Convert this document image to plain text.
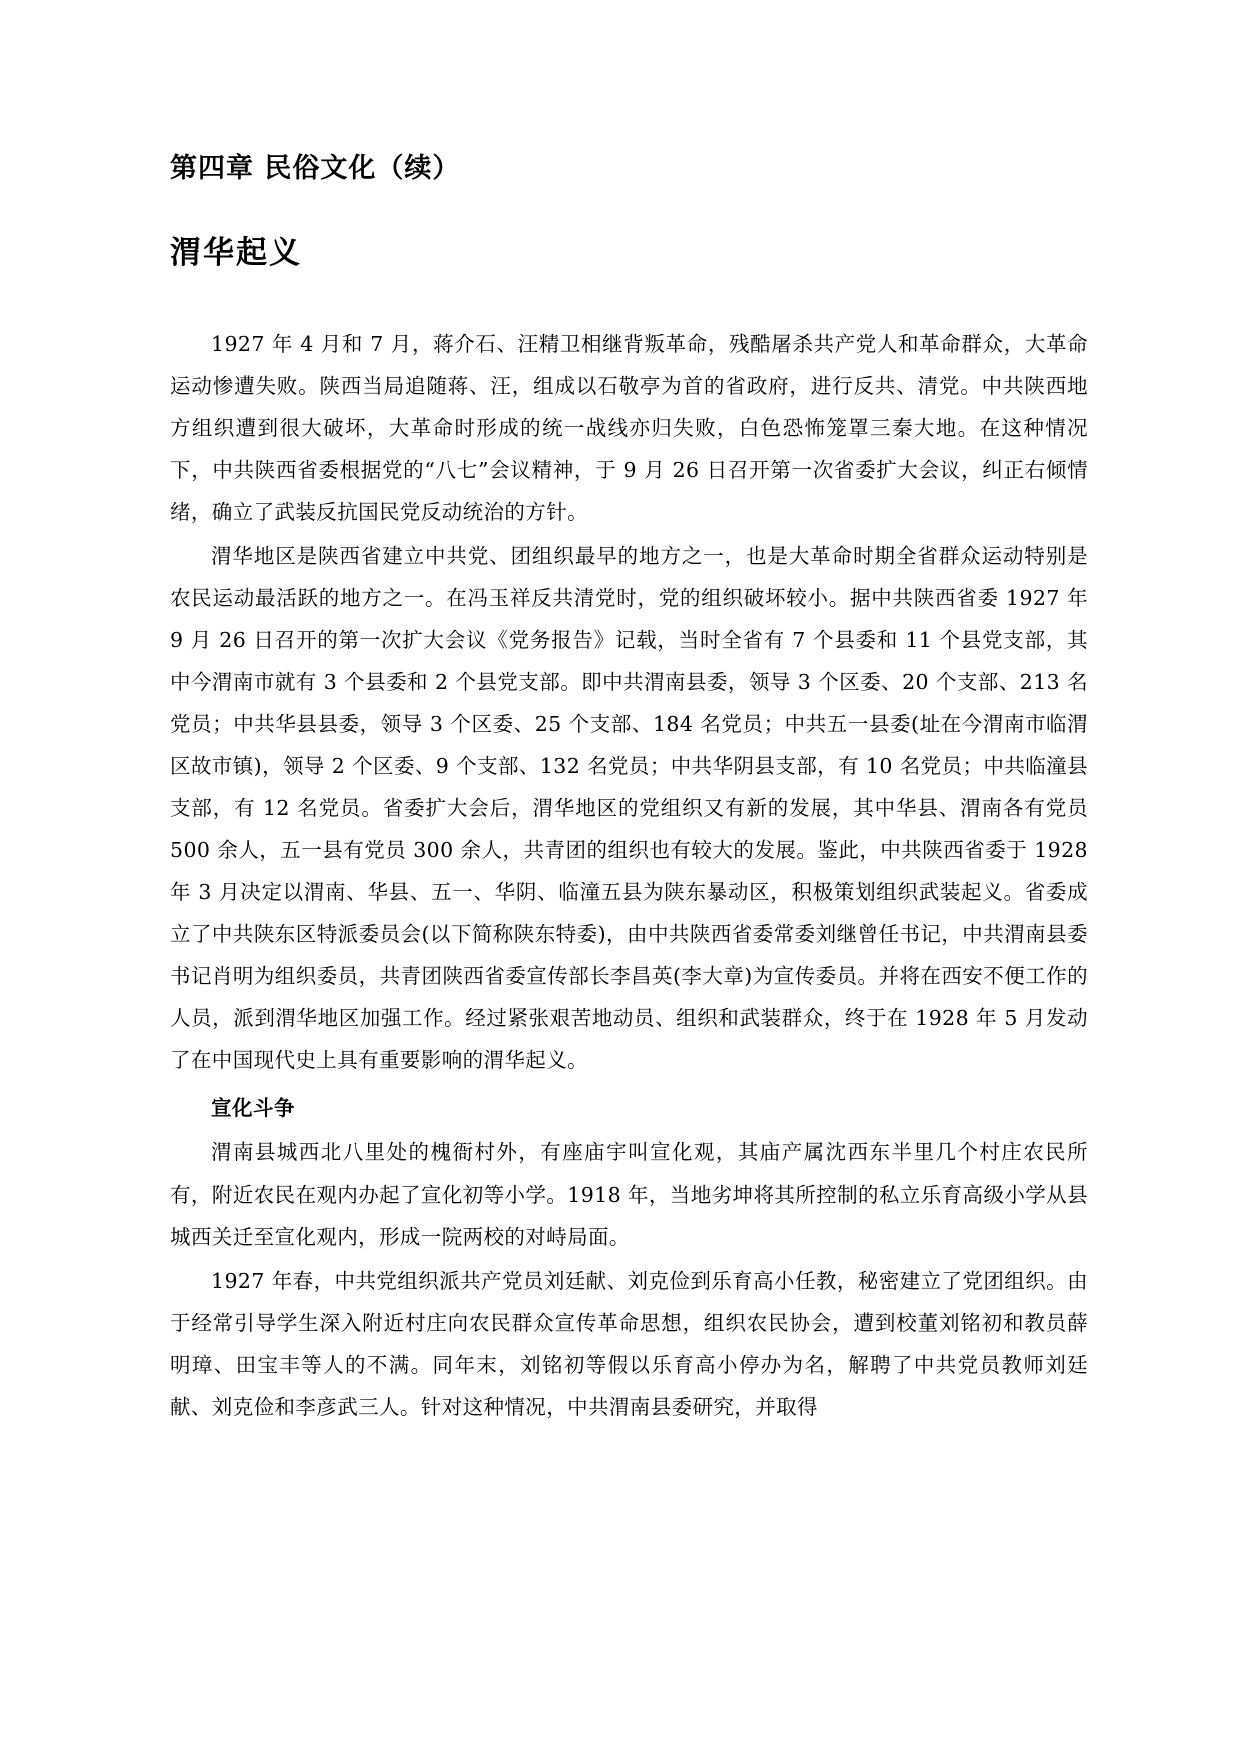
第四章 民俗文化（续）
渭华起义

1927 年 4 月和 7 月，蒋介石、汪精卫相继背叛革命，残酷屠杀共产党人和革命群众，大革命运动惨遭失败。陕西当局追随蒋、汪，组成以石敬亭为首的省政府，进行反共、清党。中共陕西地方组织遭到很大破坏，大革命时形成的统一战线亦归失败，白色恐怖笼罩三秦大地。在这种情况下，中共陕西省委根据党的“八七”会议精神，于 9 月 26 日召开第一次省委扩大会议，纠正右倾情绪，确立了武装反抗国民党反动统治的方针。

渭华地区是陕西省建立中共党、团组织最早的地方之一，也是大革命时期全省群众运动特别是农民运动最活跃的地方之一。在冯玉祥反共清党时，党的组织破坏较小。据中共陕西省委 1927 年 9 月 26 日召开的第一次扩大会议《党务报告》记载，当时全省有 7 个县委和 11 个县党支部，其中今渭南市就有 3 个县委和 2 个县党支部。即中共渭南县委，领导 3 个区委、20 个支部、213 名党员；中共华县县委，领导 3 个区委、25 个支部、184 名党员；中共五一县委(址在今渭南市临渭区故市镇)，领导 2 个区委、9 个支部、132 名党员；中共华阴县支部，有 10 名党员；中共临潼县支部，有 12 名党员。省委扩大会后，渭华地区的党组织又有新的发展，其中华县、渭南各有党员 500 余人，五一县有党员 300 余人，共青团的组织也有较大的发展。鉴此，中共陕西省委于 1928 年 3 月决定以渭南、华县、五一、华阴、临潼五县为陕东暴动区，积极策划组织武装起义。省委成立了中共陕东区特派委员会(以下简称陕东特委)，由中共陕西省委常委刘继曾任书记，中共渭南县委书记肖明为组织委员，共青团陕西省委宣传部长李昌英(李大章)为宣传委员。并将在西安不便工作的人员，派到渭华地区加强工作。经过紧张艰苦地动员、组织和武装群众，终于在 1928 年 5 月发动了在中国现代史上具有重要影响的渭华起义。

宣化斗争

渭南县城西北八里处的槐衙村外，有座庙宇叫宣化观，其庙产属沈西东半里几个村庄农民所有，附近农民在观内办起了宣化初等小学。1918 年，当地劣坤将其所控制的私立乐育高级小学从县城西关迁至宣化观内，形成一院两校的对峙局面。

1927 年春，中共党组织派共产党员刘廷献、刘克俭到乐育高小任教，秘密建立了党团组织。由于经常引导学生深入附近村庄向农民群众宣传革命思想，组织农民协会，遭到校董刘铭初和教员薛明璋、田宝丰等人的不满。同年末，刘铭初等假以乐育高小停办为名，解聘了中共党员教师刘廷献、刘克俭和李彦武三人。针对这种情况，中共渭南县委研究，并取得
